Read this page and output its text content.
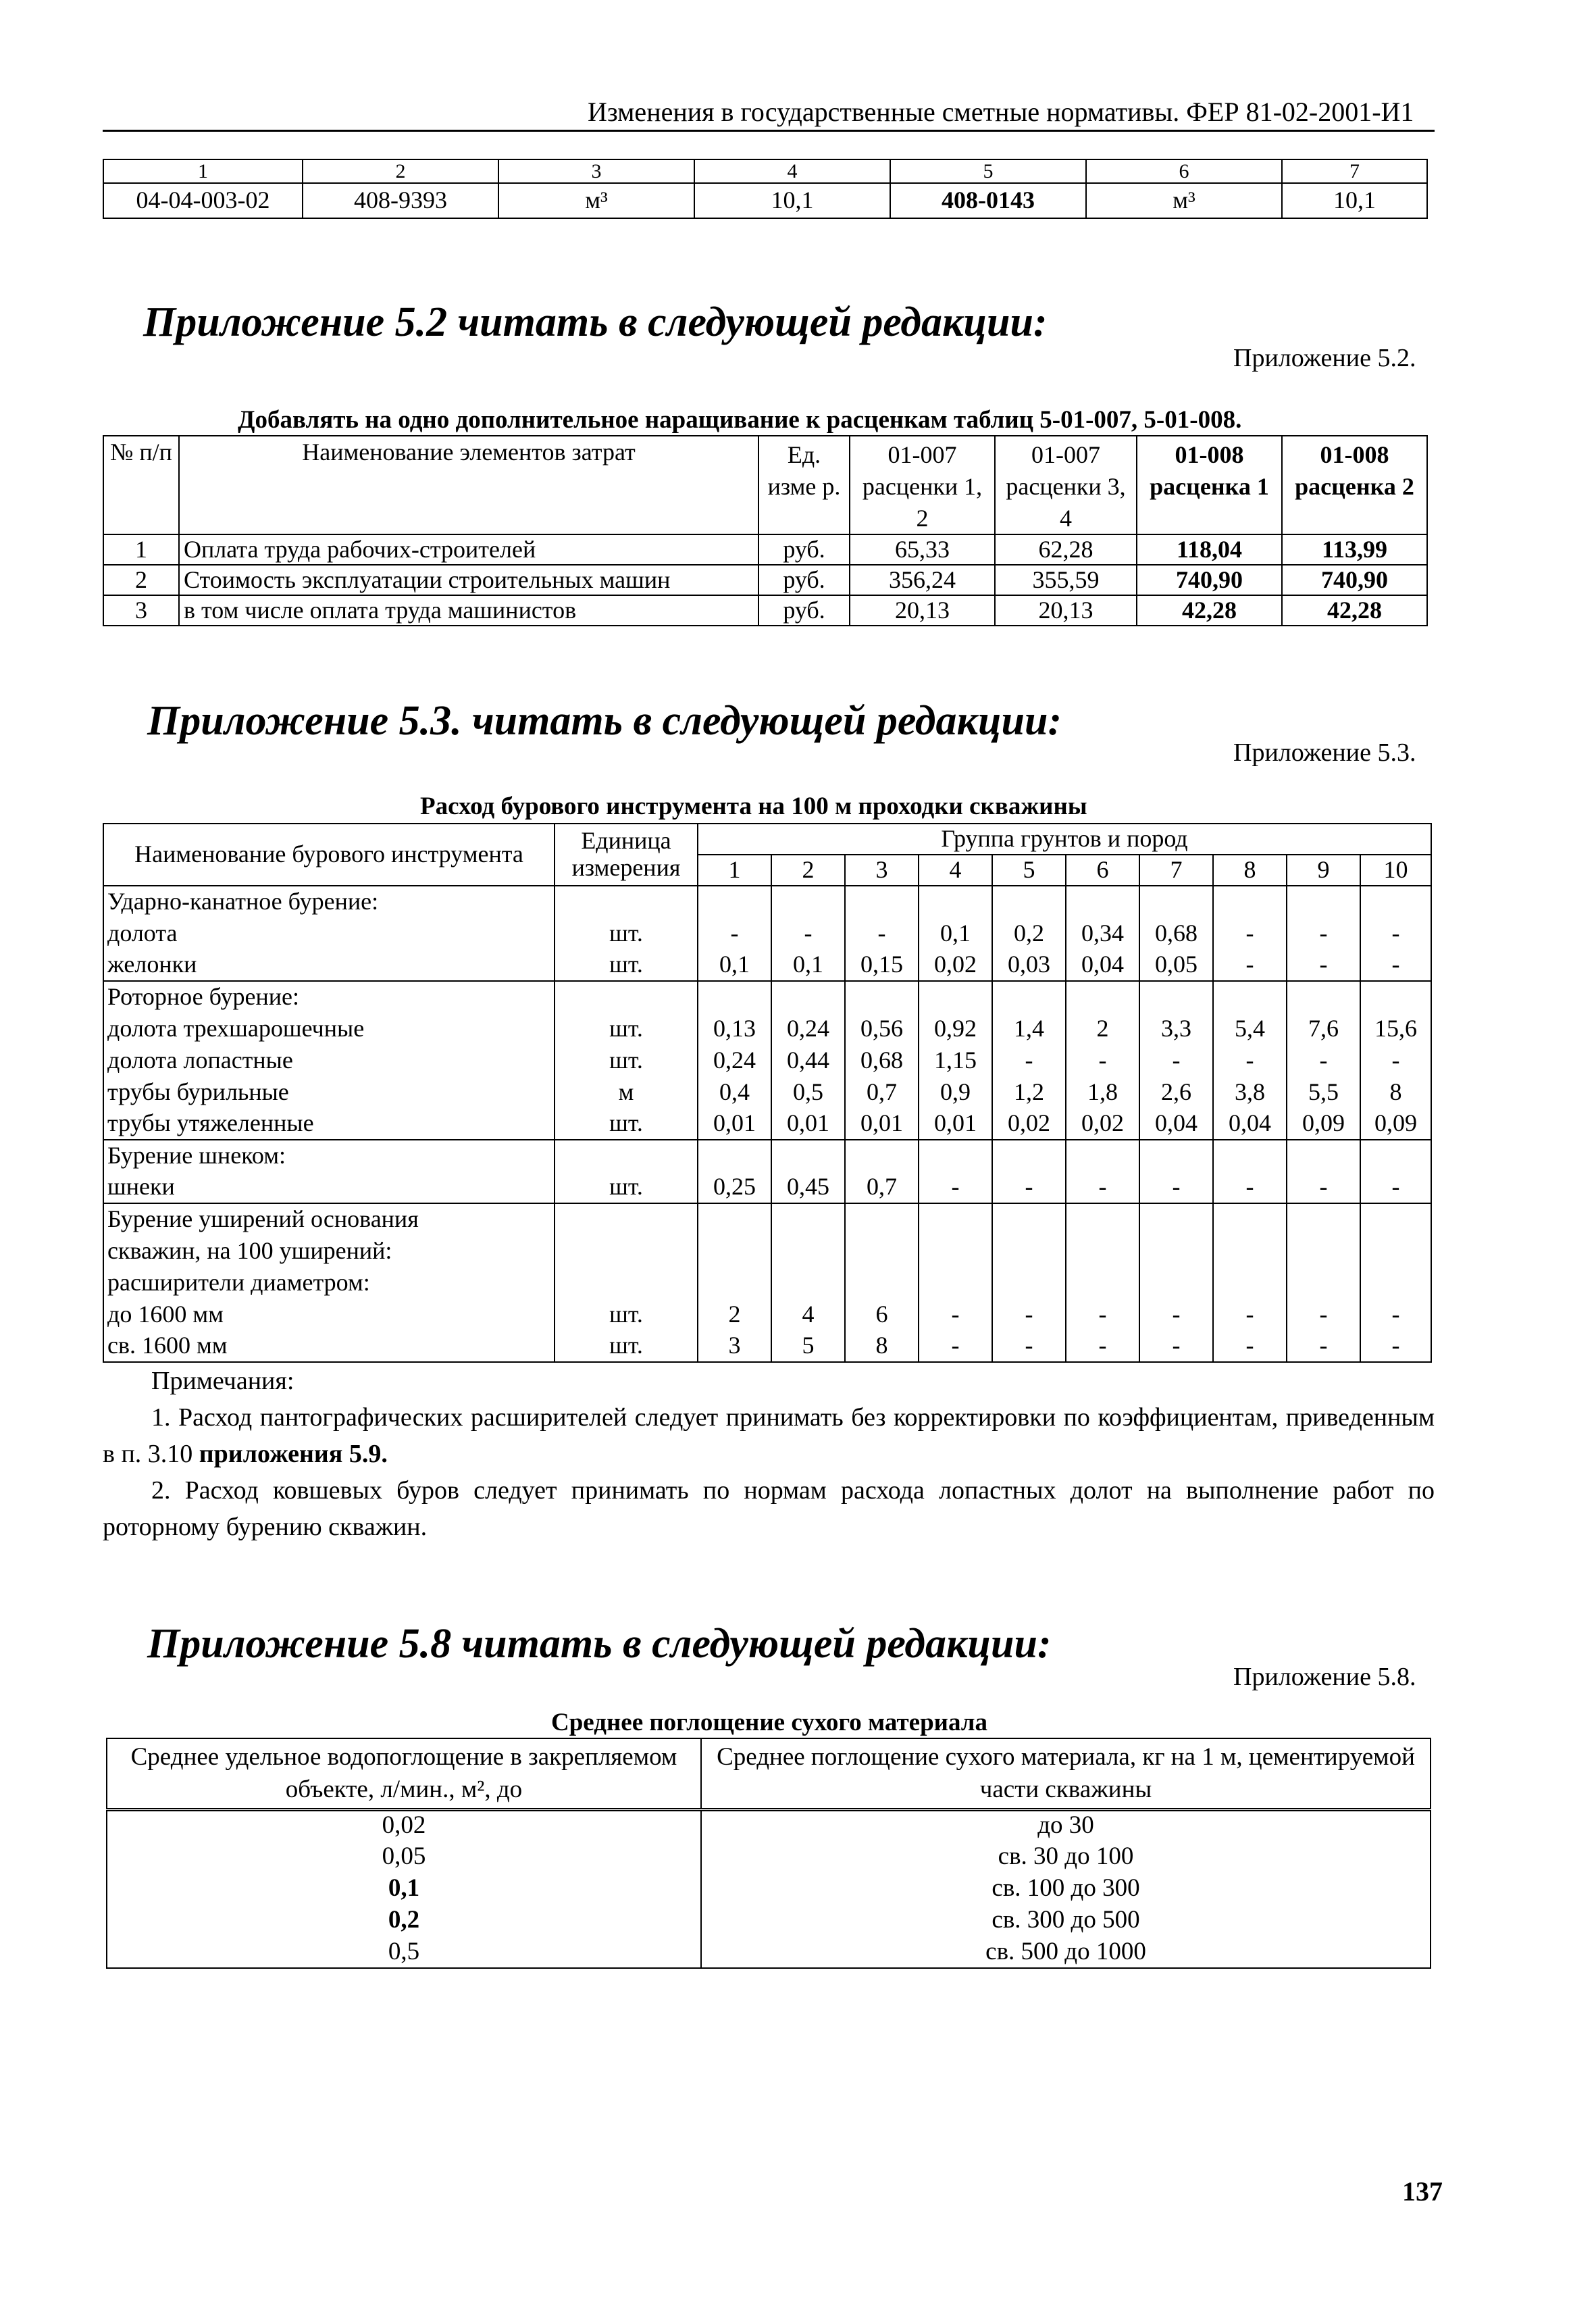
Изменения в государственные сметные нормативы. ФЕР 81-02-2001-И1
1	2	3	4	5	6	7
04-04-003-02	408-9393	м³	10,1	408-0143	м³	10,1
Приложение 5.2 читать в следующей редакции:
Приложение 5.2.
Добавлять на одно дополнительное наращивание к расценкам таблиц 5-01-007, 5-01-008.
№ п/п	Наименование элементов затрат	Ед. изме р.	01-007 расценки 1, 2	01-007 расценки 3, 4	01-008 расценка 1	01-008 расценка 2
1	Оплата труда рабочих-строителей	руб.	65,33	62,28	118,04	113,99
2	Стоимость эксплуатации строительных машин	руб.	356,24	355,59	740,90	740,90
3	в том числе оплата труда машинистов	руб.	20,13	20,13	42,28	42,28
Приложение 5.3. читать в следующей редакции:
Приложение 5.3.
Расход бурового инструмента на 100 м проходки скважины
Наименование бурового инструмента	Единица измерения	Группа грунтов и пород									
		1	2	3	4	5	6	7	8	9	10
Ударно-канатное бурение:											
долота	шт.	-	-	-	0,1	0,2	0,34	0,68	-	-	-
желонки	шт.	0,1	0,1	0,15	0,02	0,03	0,04	0,05	-	-	-
Роторное бурение:											
долота трехшарошечные	шт.	0,13	0,24	0,56	0,92	1,4	2	3,3	5,4	7,6	15,6
долота лопастные	шт.	0,24	0,44	0,68	1,15	-	-	-	-	-	-
трубы бурильные	м	0,4	0,5	0,7	0,9	1,2	1,8	2,6	3,8	5,5	8
трубы утяжеленные	шт.	0,01	0,01	0,01	0,01	0,02	0,02	0,04	0,04	0,09	0,09
Бурение шнеком:											
шнеки	шт.	0,25	0,45	0,7	-	-	-	-	-	-	-
Бурение уширений основания											
скважин, на 100 уширений:											
расширители диаметром:											
до 1600 мм	шт.	2	4	6	-	-	-	-	-	-	-
св. 1600 мм	шт.	3	5	8	-	-	-	-	-	-	-

Примечания:

1. Расход пантографических расширителей следует принимать без корректировки по коэффициентам, приведенным в п. 3.10 приложения 5.9.

2. Расход ковшевых буров следует принимать по нормам расхода лопастных долот на выполнение работ по роторному бурению скважин.

Приложение 5.8 читать в следующей редакции:
Приложение 5.8.
Среднее поглощение сухого материала
Среднее удельное водопоглощение в закрепляемом объекте, л/мин., м², до	Среднее поглощение сухого материала, кг на 1 м, цементируемой части скважины
0,02	до 30
0,05	св. 30 до 100
0,1	св. 100 до 300
0,2	св. 300 до 500
0,5	св. 500 до 1000
137
